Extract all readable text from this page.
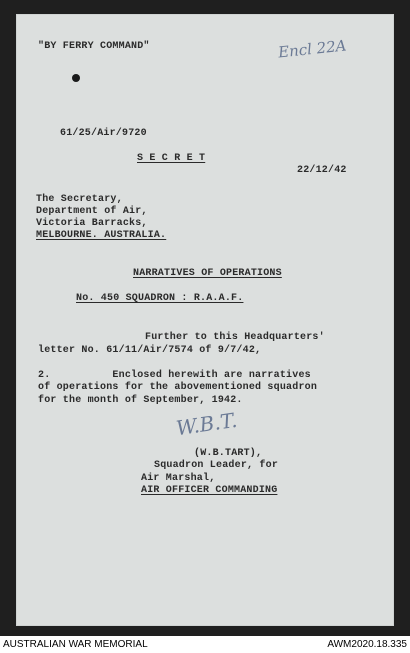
"BY FERRY COMMAND"	Encl 22A
61/25/Air/9720
S E C R E T
22/12/42
The Secretary,
Department of Air,
Victoria Barracks,
MELBOURNE. AUSTRALIA.
NARRATIVES OF OPERATIONS
No. 450 SQUADRON : R.A.A.F.
Further to this Headquarters'
letter No. 61/11/Air/7574 of 9/7/42,
2.          Enclosed herewith are narratives
of operations for the abovementioned squadron
for the month of September, 1942.
W.B.T.
(W.B.TART),
Squadron Leader, for
Air Marshal,
AIR OFFICER COMMANDING
AUSTRALIAN WAR MEMORIAL	AWM2020.18.335
